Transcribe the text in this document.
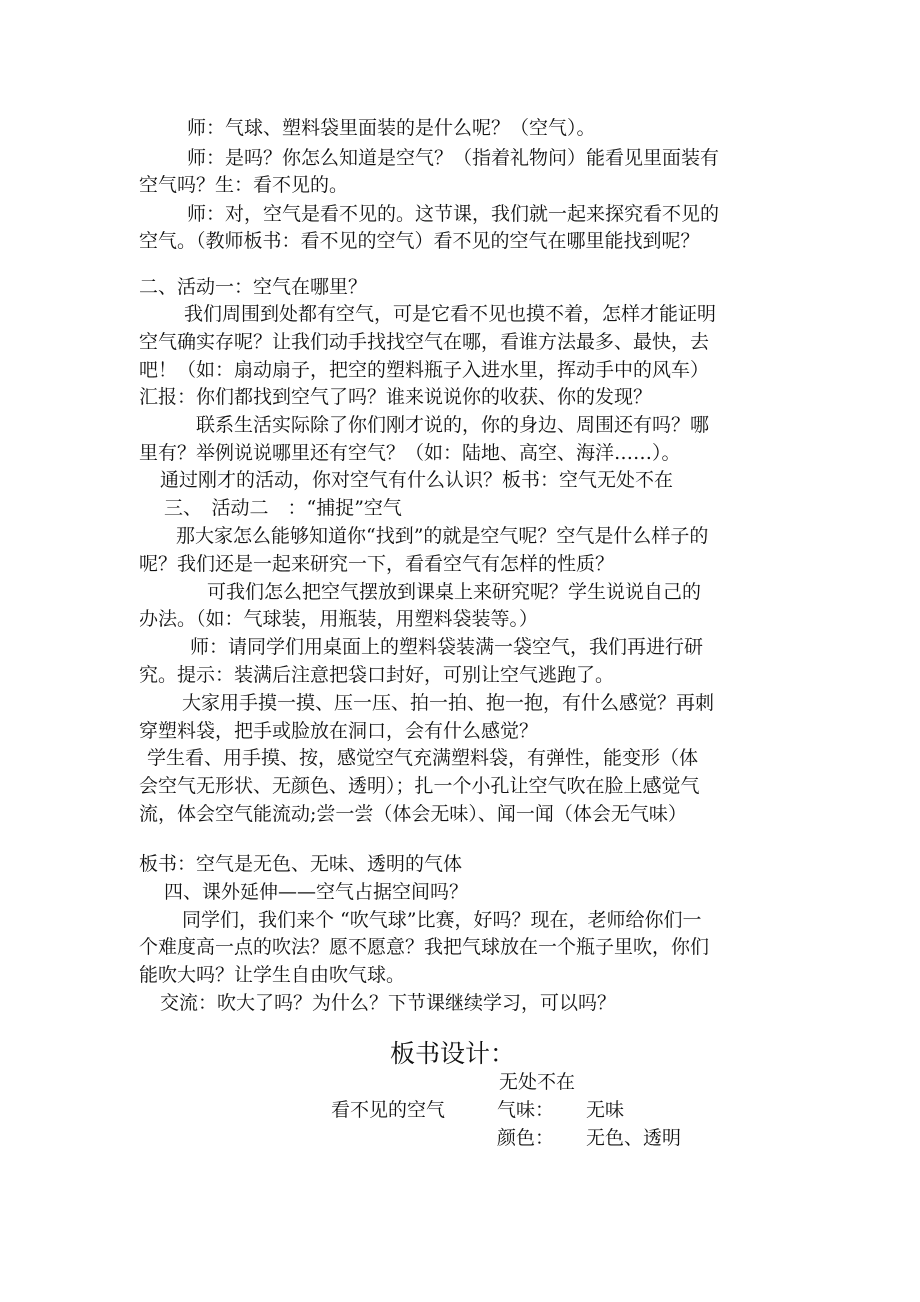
师：气球、塑料袋里面装的是什么呢？（空气）。
师：是吗？你怎么知道是空气？（指着礼物问）能看见里面装有
空气吗？生：看不见的。
师：对，空气是看不见的。这节课，我们就一起来探究看不见的
空气。（教师板书：看不见的空气）看不见的空气在哪里能找到呢？
二、活动一：空气在哪里？
我们周围到处都有空气，可是它看不见也摸不着，怎样才能证明
空气确实存呢？让我们动手找找空气在哪，看谁方法最多、最快，去
吧！（如：扇动扇子，把空的塑料瓶子入进水里，挥动手中的风车）
汇报：你们都找到空气了吗？谁来说说你的收获、你的发现？
联系生活实际除了你们刚才说的，你的身边、周围还有吗？哪
里有？举例说说哪里还有空气？（如：陆地、高空、海洋……）。
通过刚才的活动，你对空气有什么认识？板书：空气无处不在
三、　活动二　：“捕捉”空气
那大家怎么能够知道你“找到”的就是空气呢？空气是什么样子的
呢？我们还是一起来研究一下，看看空气有怎样的性质？
可我们怎么把空气摆放到课桌上来研究呢？学生说说自己的
办法。（如：气球装，用瓶装，用塑料袋装等。）
师：请同学们用桌面上的塑料袋装满一袋空气，我们再进行研
究。提示：装满后注意把袋口封好，可别让空气逃跑了。
大家用手摸一摸、压一压、拍一拍、抱一抱，有什么感觉？再刺
穿塑料袋，把手或脸放在洞口，会有什么感觉？
学生看、用手摸、按，感觉空气充满塑料袋，有弹性，能变形（体
会空气无形状、无颜色、透明）；扎一个小孔让空气吹在脸上感觉气
流，体会空气能流动;尝一尝（体会无味）、闻一闻（体会无气味）
板书：空气是无色、无味、透明的气体
四、课外延伸——空气占据空间吗？
同学们，我们来个 “吹气球”比赛，好吗？现在，老师给你们一
个难度高一点的吹法？愿不愿意？我把气球放在一个瓶子里吹，你们
能吹大吗？让学生自由吹气球。
交流：吹大了吗？为什么？下节课继续学习，可以吗？
板书设计：
无处不在
看不见的空气	气味： 无味
颜色： 无色、透明
